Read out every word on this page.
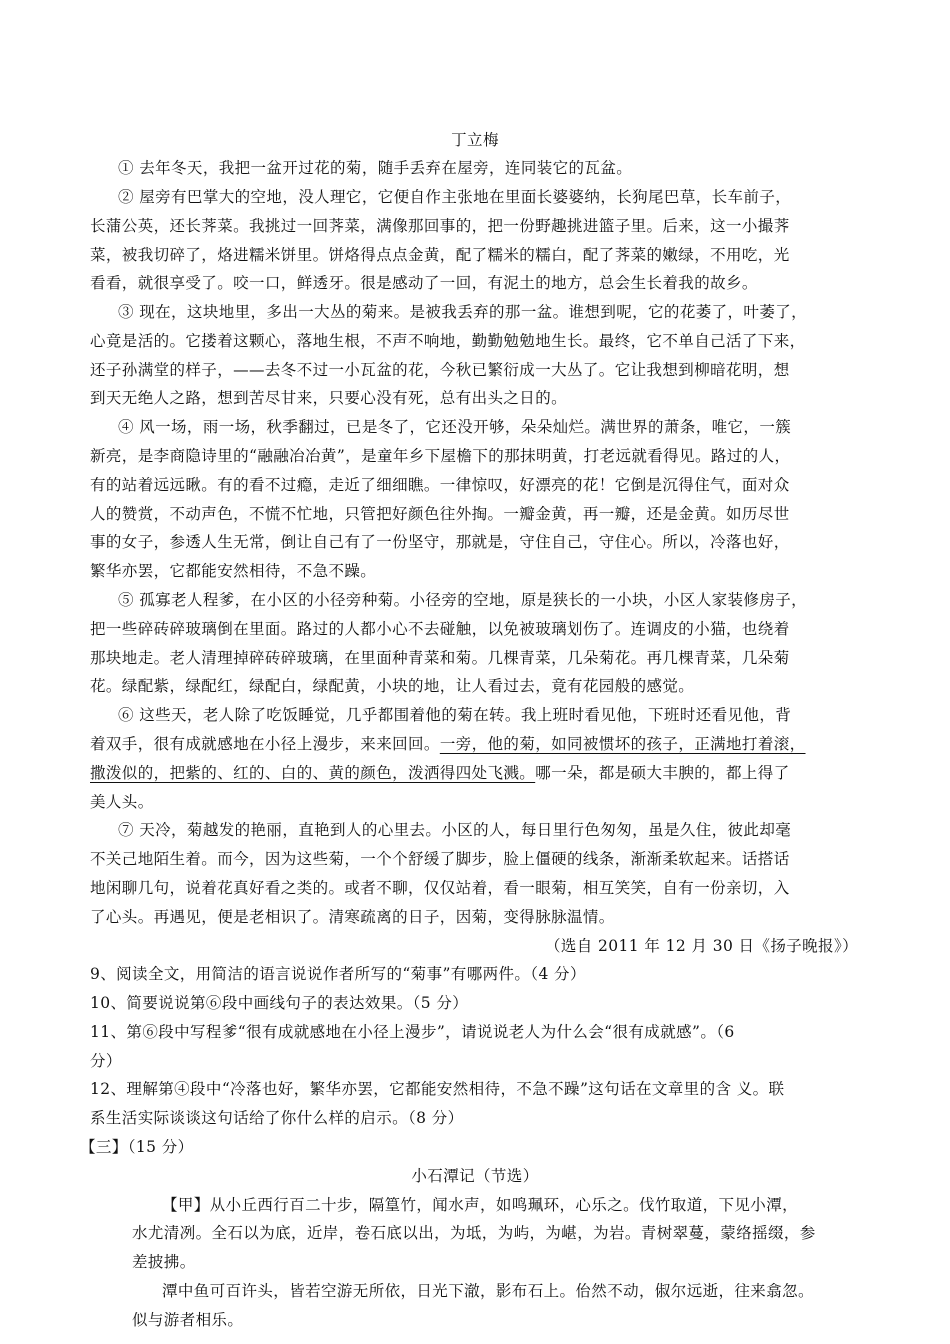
丁立梅
① 去年冬天，我把一盆开过花的菊，随手丢弃在屋旁，连同装它的瓦盆。
② 屋旁有巴掌大的空地，没人理它，它便自作主张地在里面长婆婆纳，长狗尾巴草，长车前子，
长蒲公英，还长荠菜。我挑过一回荠菜，满像那回事的，把一份野趣挑进篮子里。后来，这一小撮荠
菜，被我切碎了，烙进糯米饼里。饼烙得点点金黄，配了糯米的糯白，配了荠菜的嫩绿，不用吃，光
看看，就很享受了。咬一口，鲜透牙。很是感动了一回，有泥土的地方，总会生长着我的故乡。
③ 现在，这块地里，多出一大丛的菊来。是被我丢弃的那一盆。谁想到呢，它的花萎了，叶萎了，
心竟是活的。它搂着这颗心，落地生根，不声不响地，勤勤勉勉地生长。最终，它不单自己活了下来，
还子孙满堂的样子，——去冬不过一小瓦盆的花，今秋已繁衍成一大丛了。它让我想到柳暗花明，想
到天无绝人之路，想到苦尽甘来，只要心没有死，总有出头之日的。
④ 风一场，雨一场，秋季翻过，已是冬了，它还没开够，朵朵灿烂。满世界的萧条，唯它，一簇
新亮，是李商隐诗里的“融融冶冶黄”，是童年乡下屋檐下的那抹明黄，打老远就看得见。路过的人，
有的站着远远瞅。有的看不过瘾，走近了细细瞧。一律惊叹，好漂亮的花！它倒是沉得住气，面对众
人的赞赏，不动声色，不慌不忙地，只管把好颜色往外掏。一瓣金黄，再一瓣，还是金黄。如历尽世
事的女子，参透人生无常，倒让自己有了一份坚守，那就是，守住自己，守住心。所以，冷落也好，
繁华亦罢，它都能安然相待，不急不躁。
⑤ 孤寡老人程爹，在小区的小径旁种菊。小径旁的空地，原是狭长的一小块，小区人家装修房子，
把一些碎砖碎玻璃倒在里面。路过的人都小心不去碰触，以免被玻璃划伤了。连调皮的小猫，也绕着
那块地走。老人清理掉碎砖碎玻璃，在里面种青菜和菊。几棵青菜，几朵菊花。再几棵青菜，几朵菊
花。绿配紫，绿配红，绿配白，绿配黄，小块的地，让人看过去，竟有花园般的感觉。
⑥ 这些天，老人除了吃饭睡觉，几乎都围着他的菊在转。我上班时看见他，下班时还看见他，背
着双手，很有成就感地在小径上漫步，来来回回。一旁，他的菊，如同被惯坏的孩子，正满地打着滚，
撒泼似的，把紫的、红的、白的、黄的颜色，泼洒得四处飞溅。哪一朵，都是硕大丰腴的，都上得了
美人头。
⑦ 天冷，菊越发的艳丽，直艳到人的心里去。小区的人，每日里行色匆匆，虽是久住，彼此却毫
不关己地陌生着。而今，因为这些菊，一个个舒缓了脚步，脸上僵硬的线条，渐渐柔软起来。话搭话
地闲聊几句，说着花真好看之类的。或者不聊，仅仅站着，看一眼菊，相互笑笑，自有一份亲切，入
了心头。再遇见，便是老相识了。清寒疏离的日子，因菊，变得脉脉温情。
（选自 2011 年 12 月 30 日《扬子晚报》）
9、阅读全文，用简洁的语言说说作者所写的“菊事”有哪两件。（4 分）
10、简要说说第⑥段中画线句子的表达效果。（5 分）
11、第⑥段中写程爹“很有成就感地在小径上漫步”，请说说老人为什么会“很有成就感”。（6
分）
12、理解第④段中“冷落也好，繁华亦罢，它都能安然相待，不急不躁”这句话在文章里的含 义。联
系生活实际谈谈这句话给了你什么样的启示。（8 分）
【三】（15 分）
小石潭记（节选）
【甲】从小丘西行百二十步，隔篁竹，闻水声，如鸣珮环，心乐之。伐竹取道，下见小潭，
水尤清冽。全石以为底，近岸，卷石底以出，为坻，为屿，为嵁，为岩。青树翠蔓，蒙络摇缀，参
差披拂。
潭中鱼可百许头，皆若空游无所依，日光下澈，影布石上。佁然不动，俶尔远逝，往来翕忽。
似与游者相乐。
